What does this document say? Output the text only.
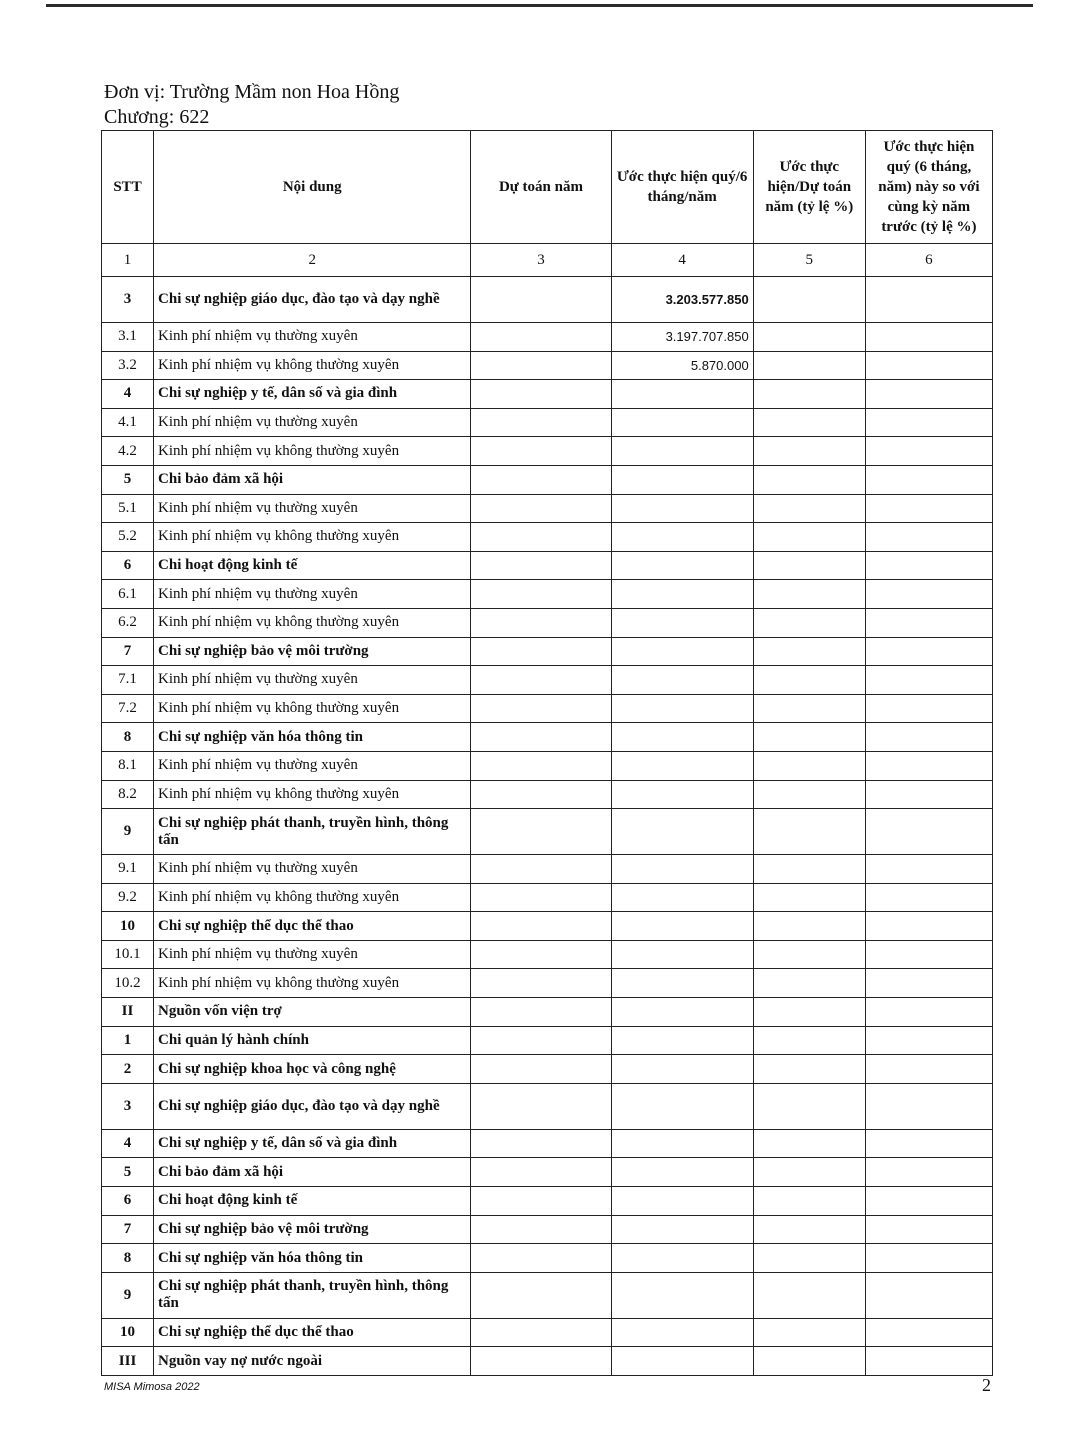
Đơn vị: Trường Mầm non Hoa Hồng
Chương: 622
STT	Nội dung	Dự toán năm	Ước thực hiện quý/6 tháng/năm	Ước thực hiện/Dự toán năm (tỷ lệ %)	Ước thực hiện quý (6 tháng, năm) này so với cùng kỳ năm trước (tỷ lệ %)
1	2	3	4	5	6
3	Chi sự nghiệp giáo dục, đào tạo và dạy nghề		3.203.577.850		
3.1	Kinh phí nhiệm vụ thường xuyên		3.197.707.850		
3.2	Kinh phí nhiệm vụ không thường xuyên		5.870.000		
4	Chi sự nghiệp y tế, dân số và gia đình				
4.1	Kinh phí nhiệm vụ thường xuyên				
4.2	Kinh phí nhiệm vụ không thường xuyên				
5	Chi bảo đảm xã hội				
5.1	Kinh phí nhiệm vụ thường xuyên				
5.2	Kinh phí nhiệm vụ không thường xuyên				
6	Chi hoạt động kinh tế				
6.1	Kinh phí nhiệm vụ thường xuyên				
6.2	Kinh phí nhiệm vụ không thường xuyên				
7	Chi sự nghiệp bảo vệ môi trường				
7.1	Kinh phí nhiệm vụ thường xuyên				
7.2	Kinh phí nhiệm vụ không thường xuyên				
8	Chi sự nghiệp văn hóa thông tin				
8.1	Kinh phí nhiệm vụ thường xuyên				
8.2	Kinh phí nhiệm vụ không thường xuyên				
9	Chi sự nghiệp phát thanh, truyền hình, thông tấn				
9.1	Kinh phí nhiệm vụ thường xuyên				
9.2	Kinh phí nhiệm vụ không thường xuyên				
10	Chi sự nghiệp thể dục thể thao				
10.1	Kinh phí nhiệm vụ thường xuyên				
10.2	Kinh phí nhiệm vụ không thường xuyên				
II	Nguồn vốn viện trợ				
1	Chi quản lý hành chính				
2	Chi sự nghiệp khoa học và công nghệ				
3	Chi sự nghiệp giáo dục, đào tạo và dạy nghề				
4	Chi sự nghiệp y tế, dân số và gia đình				
5	Chi bảo đảm xã hội				
6	Chi hoạt động kinh tế				
7	Chi sự nghiệp bảo vệ môi trường				
8	Chi sự nghiệp văn hóa thông tin				
9	Chi sự nghiệp phát thanh, truyền hình, thông tấn				
10	Chi sự nghiệp thể dục thể thao				
III	Nguồn vay nợ nước ngoài				
MISA Mimosa 2022	2
